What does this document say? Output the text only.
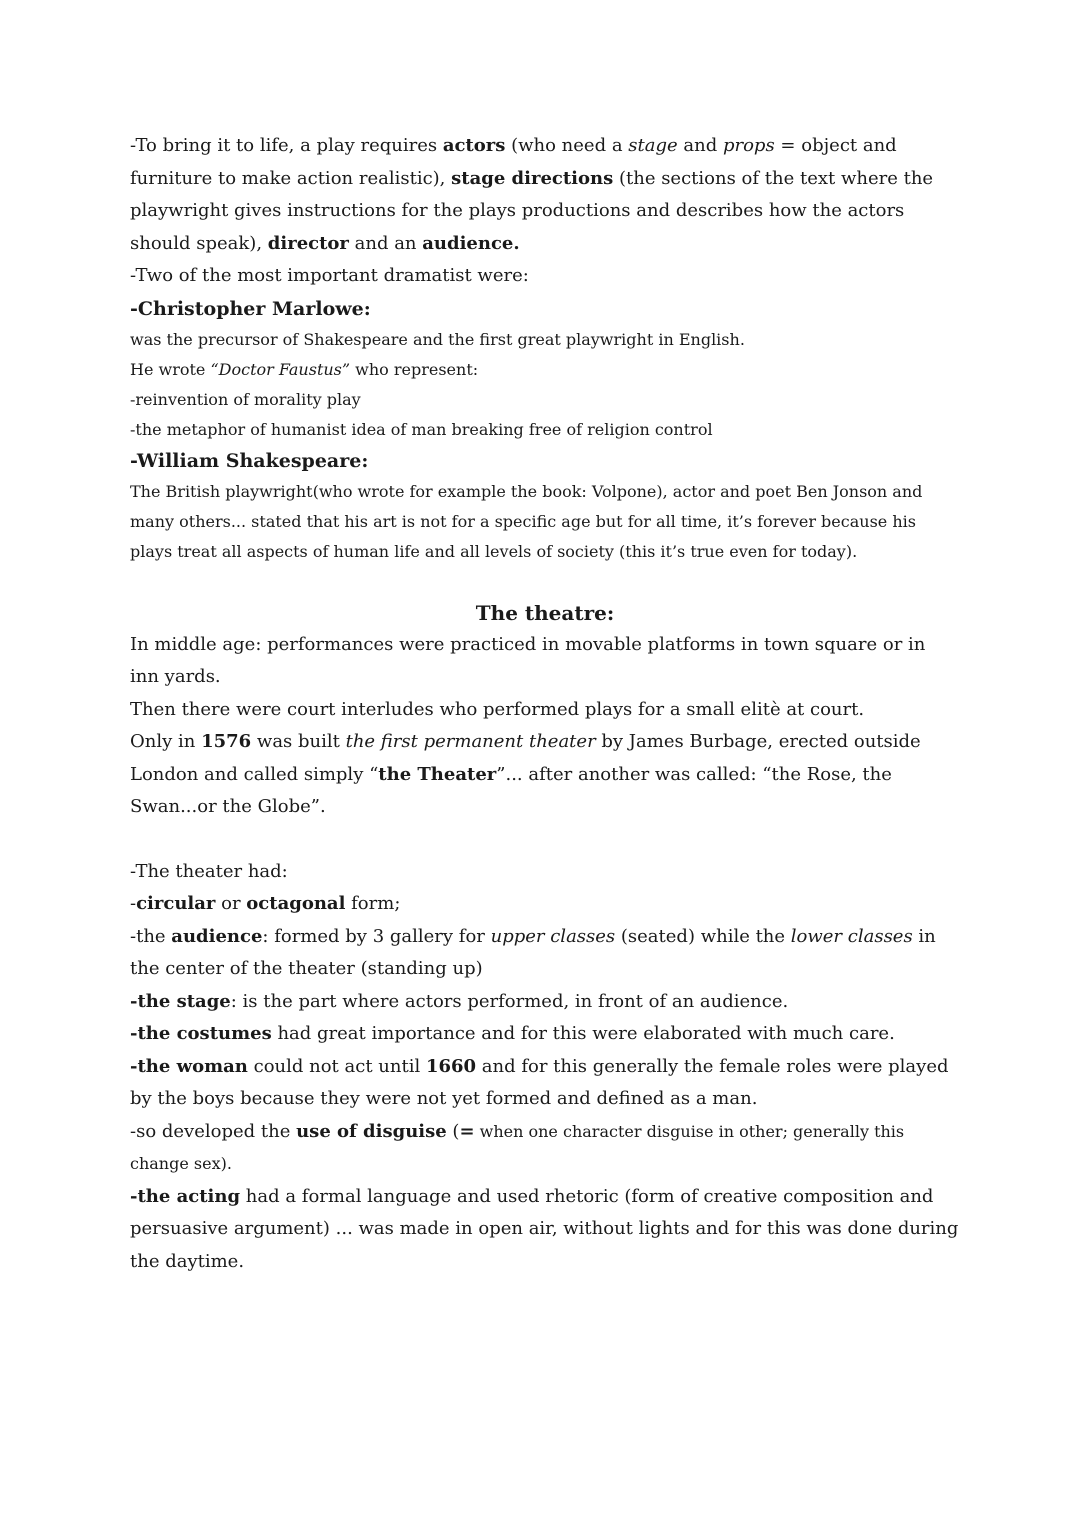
-To bring it to life, a play requires actors (who need a stage and props = object and furniture to make action realistic), stage directions (the sections of the text where the playwright gives instructions for the plays productions and describes how the actors should speak), director and an audience.

-Two of the most important dramatist were:

-Christopher Marlowe:

was the precursor of Shakespeare and the first great playwright in English.

He wrote “Doctor Faustus” who represent:

-reinvention of morality play

-the metaphor of humanist idea of man breaking free of religion control

-William Shakespeare:

The British playwright(who wrote for example the book: Volpone), actor and poet Ben Jonson and many others... stated that his art is not for a specific age but for all time, it’s forever because his plays treat all aspects of human life and all levels of society (this it’s true even for today).

The theatre:

In middle age: performances were practiced in movable platforms in town square or in inn yards.

Then there were court interludes who performed plays for a small elitè at court.

Only in 1576 was built the first permanent theater by James Burbage, erected outside London and called simply “the Theater”... after another was called: “the Rose, the Swan...or the Globe”.

-The theater had:

-circular or octagonal form;

-the audience: formed by 3 gallery for upper classes (seated) while the lower classes in the center of the theater (standing up)

-the stage: is the part where actors performed, in front of an audience.

-the costumes had great importance and for this were elaborated with much care.

-the woman could not act until 1660 and for this generally the female roles were played by the boys because they were not yet formed and defined as a man.

-so developed the use of disguise (= when one character disguise in other; generally this change sex).

-the acting had a formal language and used rhetoric (form of creative composition and persuasive argument) ... was made in open air, without lights and for this was done during the daytime.
